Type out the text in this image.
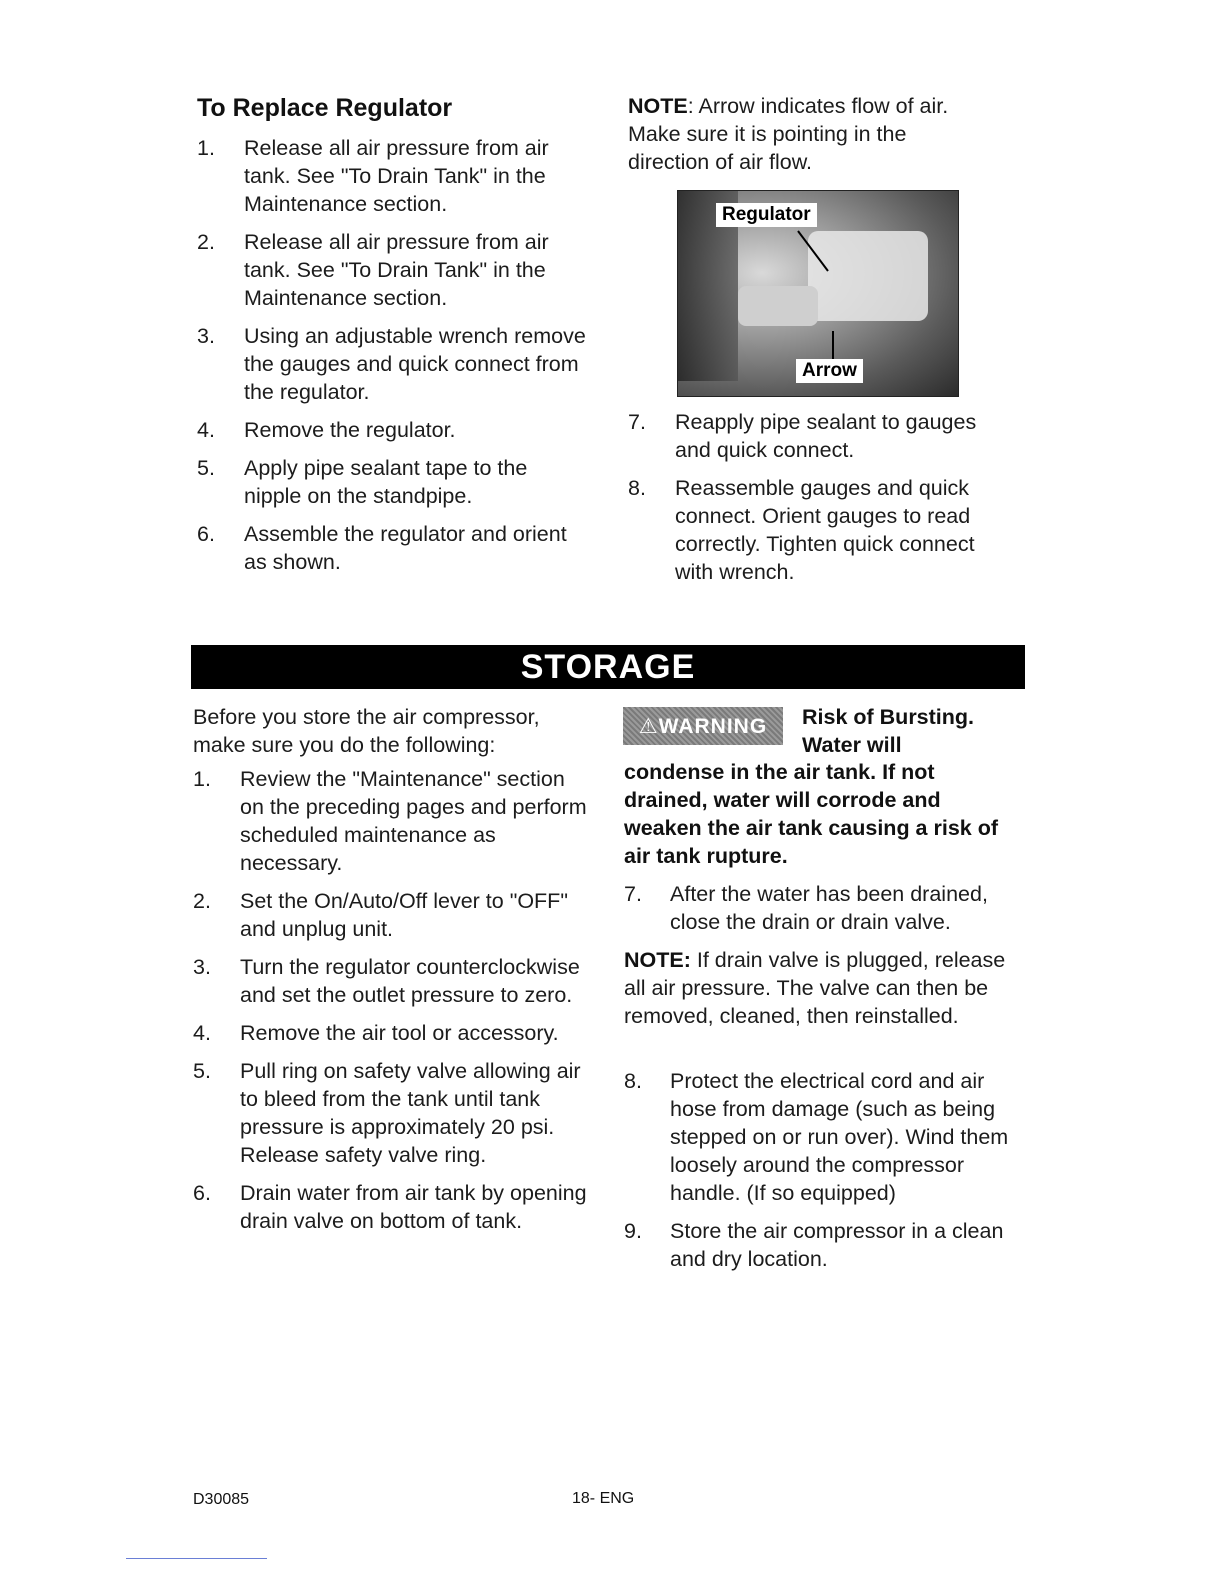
To Replace Regulator
1. Release all air pressure from air tank. See "To Drain Tank" in the Maintenance section.
2. Release all air pressure from air tank. See "To Drain Tank" in the Maintenance section.
3. Using an adjustable wrench remove the gauges and quick connect from the regulator.
4. Remove the regulator.
5. Apply pipe sealant tape to the nipple on the standpipe.
6. Assemble the regulator and orient as shown.
NOTE: Arrow indicates flow of air. Make sure it is pointing in the direction of air flow.
Regulator
Arrow
7. Reapply pipe sealant to gauges and quick connect.
8. Reassemble gauges and quick connect. Orient gauges to read correctly. Tighten quick connect with wrench.
STORAGE
Before you store the air compressor, make sure you do the following:
1. Review the "Maintenance" section on the preceding pages and perform scheduled maintenance as necessary.
2. Set the On/Auto/Off lever to "OFF" and unplug unit.
3. Turn the regulator counterclockwise and set the outlet pressure to zero.
4. Remove the air tool or accessory.
5. Pull ring on safety valve allowing air to bleed from the tank until tank pressure is approximately 20 psi. Release safety valve ring.
6. Drain water from air tank by opening drain valve on bottom of tank.
⚠WARNING	Risk of Bursting.
Water will
condense in the air tank. If not drained, water will corrode and weaken the air tank causing a risk of air tank rupture.
7. After the water has been drained, close the drain or drain valve.
NOTE: If drain valve is plugged, release all air pressure. The valve can then be removed, cleaned, then reinstalled.
8. Protect the electrical cord and air hose from damage (such as being stepped on or run over). Wind them loosely around the compressor handle. (If so equipped)
9. Store the air compressor in a clean and dry location.
D30085	18- ENG
